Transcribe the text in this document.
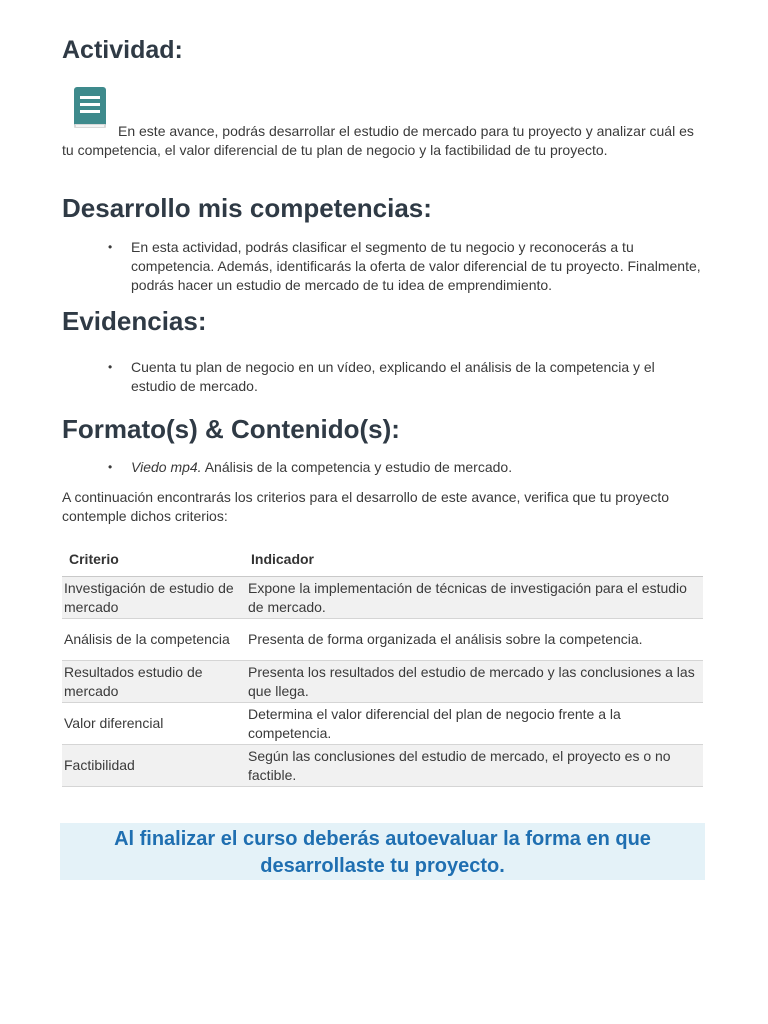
Actividad:
En este avance, podrás desarrollar el estudio de mercado para tu proyecto y analizar cuál es tu competencia, el valor diferencial de tu plan de negocio y la factibilidad de tu proyecto.
Desarrollo mis competencias:
• En esta actividad, podrás clasificar el segmento de tu negocio y reconocerás a tu competencia. Además, identificarás la oferta de valor diferencial de tu proyecto. Finalmente, podrás hacer un estudio de mercado de tu idea de emprendimiento.
Evidencias:
• Cuenta tu plan de negocio en un vídeo, explicando el análisis de la competencia y el estudio de mercado.
Formato(s) & Contenido(s):
• Viedo mp4. Análisis de la competencia y estudio de mercado.
A continuación encontrarás los criterios para el desarrollo de este avance, verifica que tu proyecto contemple dichos criterios:
Criterio	Indicador
Investigación de estudio de mercado	Expone la implementación de técnicas de investigación para el estudio de mercado.
Análisis de la competencia	Presenta de forma organizada el análisis sobre la competencia.
Resultados estudio de mercado	Presenta los resultados del estudio de mercado y las conclusiones a las que llega.
Valor diferencial	Determina el valor diferencial del plan de negocio frente a la competencia.
Factibilidad	Según las conclusiones del estudio de mercado, el proyecto es o no factible.
Al finalizar el curso deberás autoevaluar la forma en que desarrollaste tu proyecto.
